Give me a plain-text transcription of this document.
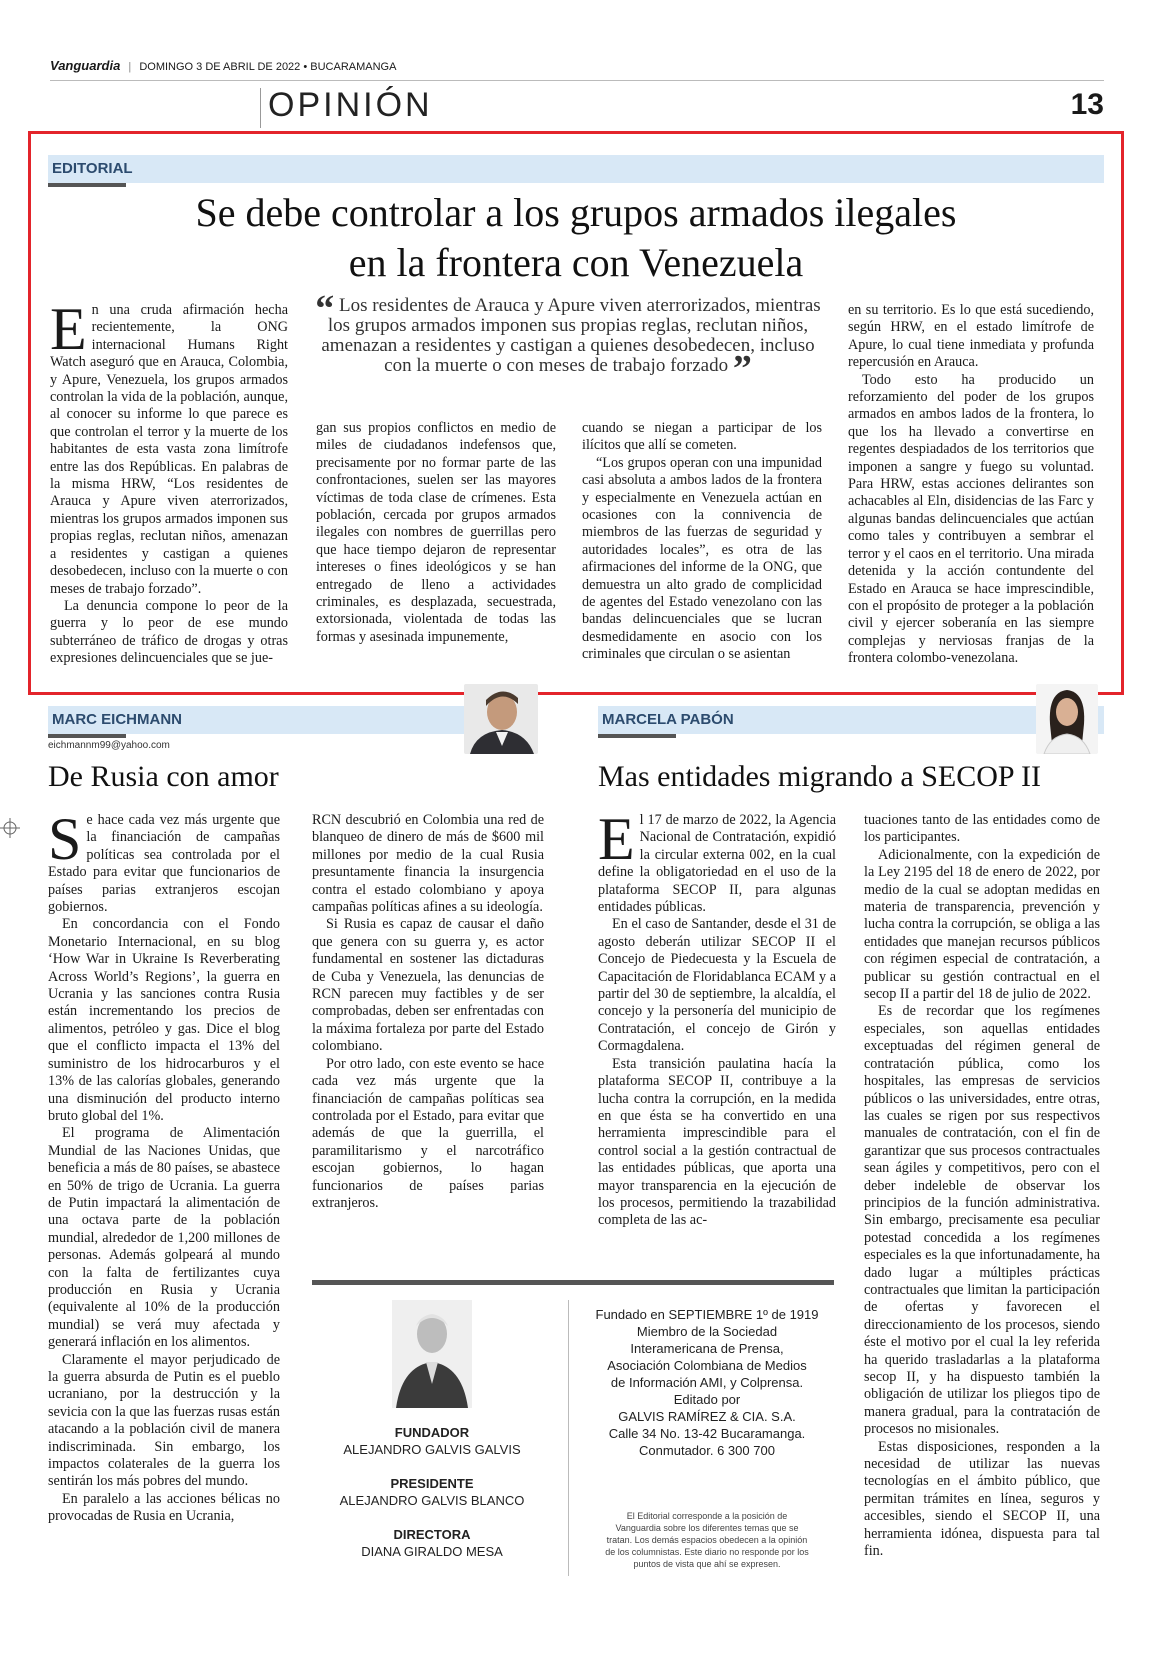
Vanguardia | DOMINGO 3 DE ABRIL DE 2022 • BUCARAMANGA
OPINIÓN	13
EDITORIAL
Se debe controlar a los grupos armados ilegales
en la frontera con Venezuela

En una cruda afirmación hecha recientemente, la ONG internacional Humans Right Watch aseguró que en Arauca, Colombia, y Apure, Venezuela, los grupos armados controlan la vida de la población, aunque, al conocer su informe lo que parece es que controlan el terror y la muerte de los habitantes de esta vasta zona limítrofe entre las dos Repúblicas. En palabras de la misma HRW, “Los residentes de Arauca y Apure viven aterrorizados, mientras los grupos armados imponen sus propias reglas, reclutan niños, amenazan a residentes y castigan a quienes desobedecen, incluso con la muerte o con meses de trabajo forzado”.

La denuncia compone lo peor de la guerra y lo peor de ese mundo subterráneo de tráfico de drogas y otras expresiones delincuenciales que se jue-

“ Los residentes de Arauca y Apure viven aterrorizados, mientras los grupos armados imponen sus propias reglas, reclutan niños, amenazan a residentes y castigan a quienes desobedecen, incluso con la muerte o con meses de trabajo forzado ”

gan sus propios conflictos en medio de miles de ciudadanos indefensos que, precisamente por no formar parte de las confrontaciones, suelen ser las mayores víctimas de toda clase de crímenes. Esta población, cercada por grupos armados ilegales con nombres de guerrillas pero que hace tiempo dejaron de representar intereses o fines ideológicos y se han entregado de lleno a actividades criminales, es desplazada, secuestrada, extorsionada, violentada de todas las formas y asesinada impunemente,

cuando se niegan a participar de los ilícitos que allí se cometen.

“Los grupos operan con una impunidad casi absoluta a ambos lados de la frontera y especialmente en Venezuela actúan en ocasiones con la connivencia de miembros de las fuerzas de seguridad y autoridades locales”, es otra de las afirmaciones del informe de la ONG, que demuestra un alto grado de complicidad de agentes del Estado venezolano con las bandas delincuenciales que se lucran desmedidamente en asocio con los criminales que circulan o se asientan

en su territorio. Es lo que está sucediendo, según HRW, en el estado limítrofe de Apure, lo cual tiene inmediata y profunda repercusión en Arauca.

Todo esto ha producido un reforzamiento del poder de los grupos armados en ambos lados de la frontera, lo que los ha llevado a convertirse en regentes despiadados de los territorios que imponen a sangre y fuego su voluntad. Para HRW, estas acciones delirantes son achacables al Eln, disidencias de las Farc y algunas bandas delincuenciales que actúan como tales y contribuyen a sembrar el terror y el caos en el territorio. Una mirada detenida y la acción contundente del Estado en Arauca se hace imprescindible, con el propósito de proteger a la población civil y ejercer soberanía en las siempre complejas y nerviosas franjas de la frontera colombo-venezolana.

MARC EICHMANN
eichmannm99@yahoo.com
De Rusia con amor

Se hace cada vez más urgente que la financiación de campañas políticas sea controlada por el Estado para evitar que funcionarios de países parias extranjeros escojan gobiernos.

En concordancia con el Fondo Monetario Internacional, en su blog ‘How War in Ukraine Is Reverberating Across World’s Regions’, la guerra en Ucrania y las sanciones contra Rusia están incrementando los precios de alimentos, petróleo y gas. Dice el blog que el conflicto impacta el 13% del suministro de los hidrocarburos y el 13% de las calorías globales, generando una disminución del producto interno bruto global del 1%.

El programa de Alimentación Mundial de las Naciones Unidas, que beneficia a más de 80 países, se abastece en 50% de trigo de Ucrania. La guerra de Putin impactará la alimentación de una octava parte de la población mundial, alrededor de 1,200 millones de personas. Además golpeará al mundo con la falta de fertilizantes cuya producción en Rusia y Ucrania (equivalente al 10% de la producción mundial) se verá muy afectada y generará inflación en los alimentos.

Claramente el mayor perjudicado de la guerra absurda de Putin es el pueblo ucraniano, por la destrucción y la sevicia con la que las fuerzas rusas están atacando a la población civil de manera indiscriminada. Sin embargo, los impactos colaterales de la guerra los sentirán los más pobres del mundo.

En paralelo a las acciones bélicas no provocadas de Rusia en Ucrania,

RCN descubrió en Colombia una red de blanqueo de dinero de más de $600 mil millones por medio de la cual Rusia presuntamente financia la insurgencia contra el estado colombiano y apoya campañas políticas afines a su ideología.

Si Rusia es capaz de causar el daño que genera con su guerra y, es actor fundamental en sostener las dictaduras de Cuba y Venezuela, las denuncias de RCN parecen muy factibles y de ser comprobadas, deben ser enfrentadas con la máxima fortaleza por parte del Estado colombiano.

Por otro lado, con este evento se hace cada vez más urgente que la financiación de campañas políticas sea controlada por el Estado, para evitar que además de que la guerrilla, el paramilitarismo y el narcotráfico escojan gobiernos, lo hagan funcionarios de países parias extranjeros.

MARCELA PABÓN
Mas entidades migrando a SECOP II

El 17 de marzo de 2022, la Agencia Nacional de Contratación, expidió la circular externa 002, en la cual define la obligatoriedad en el uso de la plataforma SECOP II, para algunas entidades públicas.

En el caso de Santander, desde el 31 de agosto deberán utilizar SECOP II el Concejo de Piedecuesta y la Escuela de Capacitación de Floridablanca ECAM y a partir del 30 de septiembre, la alcaldía, el concejo y la personería del municipio de Contratación, el concejo de Girón y Cormagdalena.

Esta transición paulatina hacía la plataforma SECOP II, contribuye a la lucha contra la corrupción, en la medida en que ésta se ha convertido en una herramienta imprescindible para el control social a la gestión contractual de las entidades públicas, que aporta una mayor transparencia en la ejecución de los procesos, permitiendo la trazabilidad completa de las ac-

tuaciones tanto de las entidades como de los participantes.

Adicionalmente, con la expedición de la Ley 2195 del 18 de enero de 2022, por medio de la cual se adoptan medidas en materia de transparencia, prevención y lucha contra la corrupción, se obliga a las entidades que manejan recursos públicos con régimen especial de contratación, a publicar su gestión contractual en el secop II a partir del 18 de julio de 2022.

Es de recordar que los regímenes especiales, son aquellas entidades exceptuadas del régimen general de contratación pública, como los hospitales, las empresas de servicios públicos o las universidades, entre otras, las cuales se rigen por sus respectivos manuales de contratación, con el fin de garantizar que sus procesos contractuales sean ágiles y competitivos, pero con el deber indeleble de observar los principios de la función administrativa. Sin embargo, precisamente esa peculiar potestad concedida a los regímenes especiales es la que infortunadamente, ha dado lugar a múltiples prácticas contractuales que limitan la participación de ofertas y favorecen el direccionamiento de los procesos, siendo éste el motivo por el cual la ley referida ha querido trasladarlas a la plataforma secop II, y ha dispuesto también la obligación de utilizar los pliegos tipo de manera gradual, para la contratación de procesos no misionales.

Estas disposiciones, responden a la necesidad de utilizar las nuevas tecnologías en el ámbito público, que permitan trámites en línea, seguros y accesibles, siendo el SECOP II, una herramienta idónea, dispuesta para tal fin.

FUNDADOR
ALEJANDRO GALVIS GALVIS
PRESIDENTE
ALEJANDRO GALVIS BLANCO
DIRECTORA
DIANA GIRALDO MESA
Fundado en SEPTIEMBRE 1º de 1919
Miembro de la Sociedad
Interamericana de Prensa,
Asociación Colombiana de Medios
de Información AMI, y Colprensa.
Editado por
GALVIS RAMÍREZ & CIA. S.A.
Calle 34 No. 13-42 Bucaramanga.
Conmutador. 6 300 700
El Editorial corresponde a la posición de Vanguardia sobre los diferentes temas que se tratan. Los demás espacios obedecen a la opinión de los columnistas. Este diario no responde por los puntos de vista que ahí se expresen.
